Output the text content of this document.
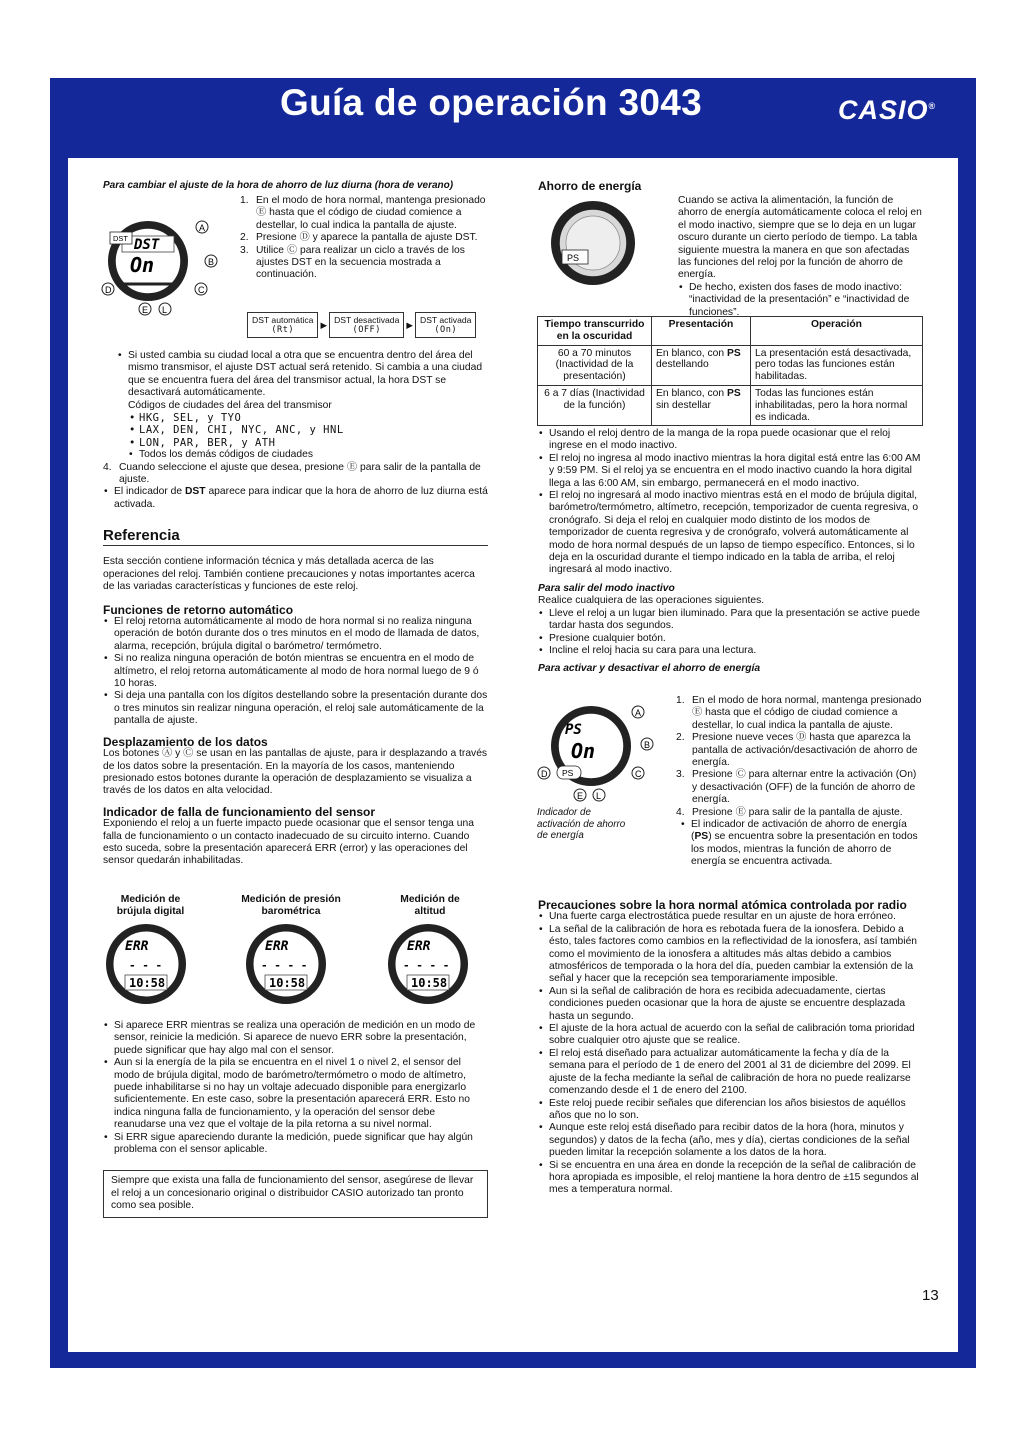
Guía de operación 3043	CASIO®

Para cambiar el ajuste de la hora de ahorro de luz diurna (hora de verano)

DST
On
DST
A
B
C
D
E L
1. En el modo de hora normal, mantenga presionado Ⓔ hasta que el código de ciudad comience a destellar, lo cual indica la pantalla de ajuste.
2. Presione Ⓓ y aparece la pantalla de ajuste DST.
3. Utilice Ⓒ para realizar un ciclo a través de los ajustes DST en la secuencia mostrada a continuación.
DST automática
(Rt)	▶ DST desactivada
(OFF)	▶ DST activada
(On)
• Si usted cambia su ciudad local a otra que se encuentra dentro del área del mismo transmisor, el ajuste DST actual será retenido. Si cambia a una ciudad que se encuentra fuera del área del transmisor actual, la hora DST se desactivará automáticamente.

Códigos de ciudades del área del transmisor

• HKG, SEL, y TYO
• LAX, DEN, CHI, NYC, ANC, y HNL
• LON, PAR, BER, y ATH
• Todos los demás códigos de ciudades
4. Cuando seleccione el ajuste que desea, presione Ⓔ para salir de la pantalla de ajuste.
• El indicador de DST aparece para indicar que la hora de ahorro de luz diurna está activada.

Referencia

Esta sección contiene información técnica y más detallada acerca de las operaciones del reloj. También contiene precauciones y notas importantes acerca de las variadas características y funciones de este reloj.

Funciones de retorno automático

• El reloj retorna automáticamente al modo de hora normal si no realiza ninguna operación de botón durante dos o tres minutos en el modo de llamada de datos, alarma, recepción, brújula digital o barómetro/ termómetro.
• Si no realiza ninguna operación de botón mientras se encuentra en el modo de altímetro, el reloj retorna automáticamente al modo de hora normal luego de 9 ó 10 horas.
• Si deja una pantalla con los dígitos destellando sobre la presentación durante dos o tres minutos sin realizar ninguna operación, el reloj sale automáticamente de la pantalla de ajuste.

Desplazamiento de los datos

Los botones Ⓐ y Ⓒ se usan en las pantallas de ajuste, para ir desplazando a través de los datos sobre la presentación. En la mayoría de los casos, manteniendo presionado estos botones durante la operación de desplazamiento se visualiza a través de los datos en alta velocidad.

Indicador de falla de funcionamiento del sensor

Exponiendo el reloj a un fuerte impacto puede ocasionar que el sensor tenga una falla de funcionamiento o un contacto inadecuado de su circuito interno. Cuando esto suceda, sobre la presentación aparecerá ERR (error) y las operaciones del sensor quedarán inhabilitadas.

Medición de brújula digital
Medición de presión barométrica
Medición de altitud
ERR
- - -
10:58
ERR
- - - -
10:58
ERR
- - - -
10:58
• Si aparece ERR mientras se realiza una operación de medición en un modo de sensor, reinicie la medición. Si aparece de nuevo ERR sobre la presentación, puede significar que hay algo mal con el sensor.
• Aun si la energía de la pila se encuentra en el nivel 1 o nivel 2, el sensor del modo de brújula digital, modo de barómetro/termómetro o modo de altímetro, puede inhabilitarse si no hay un voltaje adecuado disponible para energizarlo suficientemente. En este caso, sobre la presentación aparecerá ERR. Esto no indica ninguna falla de funcionamiento, y la operación del sensor debe reanudarse una vez que el voltaje de la pila retorna a su nivel normal.
• Si ERR sigue apareciendo durante la medición, puede significar que hay algún problema con el sensor aplicable.

Siempre que exista una falla de funcionamiento del sensor, asegúrese de llevar el reloj a un concesionario original o distribuidor CASIO autorizado tan pronto como sea posible.

Ahorro de energía

PS

Cuando se activa la alimentación, la función de ahorro de energía automáticamente coloca el reloj en el modo inactivo, siempre que se lo deja en un lugar oscuro durante un cierto período de tiempo. La tabla siguiente muestra la manera en que son afectadas las funciones del reloj por la función de ahorro de energía.

• De hecho, existen dos fases de modo inactivo: “inactividad de la presentación” e “inactividad de funciones”.
Tiempo transcurrido en la oscuridad	Presentación	Operación
60 a 70 minutos (Inactividad de la presentación)	En blanco, con PS destellando	La presentación está desactivada, pero todas las funciones están habilitadas.
6 a 7 días (Inactividad de la función)	En blanco, con PS sin destellar	Todas las funciones están inhabilitadas, pero la hora normal es indicada.
• Usando el reloj dentro de la manga de la ropa puede ocasionar que el reloj ingrese en el modo inactivo.
• El reloj no ingresa al modo inactivo mientras la hora digital está entre las 6:00 AM y 9:59 PM. Si el reloj ya se encuentra en el modo inactivo cuando la hora digital llega a las 6:00 AM, sin embargo, permanecerá en el modo inactivo.
• El reloj no ingresará al modo inactivo mientras está en el modo de brújula digital, barómetro/termómetro, altímetro, recepción, temporizador de cuenta regresiva, o cronógrafo. Si deja el reloj en cualquier modo distinto de los modos de temporizador de cuenta regresiva y de cronógrafo, volverá automáticamente al modo de hora normal después de un lapso de tiempo específico. Entonces, si lo deja en la oscuridad durante el tiempo indicado en la tabla de arriba, el reloj ingresará al modo inactivo.

Para salir del modo inactivo

Realice cualquiera de las operaciones siguientes.

• Lleve el reloj a un lugar bien iluminado. Para que la presentación se active puede tardar hasta dos segundos.
• Presione cualquier botón.
• Incline el reloj hacia su cara para una lectura.

Para activar y desactivar el ahorro de energía

PS
On
PS
A
B
C
D
E L
Indicador de activación de ahorro de energía
1. En el modo de hora normal, mantenga presionado Ⓔ hasta que el código de ciudad comience a destellar, lo cual indica la pantalla de ajuste.
2. Presione nueve veces Ⓓ hasta que aparezca la pantalla de activación/desactivación de ahorro de energía.
3. Presione Ⓒ para alternar entre la activación (On) y desactivación (OFF) de la función de ahorro de energía.
4. Presione Ⓔ para salir de la pantalla de ajuste.
• El indicador de activación de ahorro de energía (PS) se encuentra sobre la presentación en todos los modos, mientras la función de ahorro de energía se encuentra activada.

Precauciones sobre la hora normal atómica controlada por radio

• Una fuerte carga electrostática puede resultar en un ajuste de hora erróneo.
• La señal de la calibración de hora es rebotada fuera de la ionosfera. Debido a ésto, tales factores como cambios en la reflectividad de la ionosfera, así también como el movimiento de la ionosfera a altitudes más altas debido a cambios atmosféricos de temporada o la hora del día, pueden cambiar la extensión de la señal y hacer que la recepción sea temporariamente imposible.
• Aun si la señal de calibración de hora es recibida adecuadamente, ciertas condiciones pueden ocasionar que la hora de ajuste se encuentre desplazada hasta un segundo.
• El ajuste de la hora actual de acuerdo con la señal de calibración toma prioridad sobre cualquier otro ajuste que se realice.
• El reloj está diseñado para actualizar automáticamente la fecha y día de la semana para el período de 1 de enero del 2001 al 31 de diciembre del 2099. El ajuste de la fecha mediante la señal de calibración de hora no puede realizarse comenzando desde el 1 de enero del 2100.
• Este reloj puede recibir señales que diferencian los años bisiestos de aquéllos años que no lo son.
• Aunque este reloj está diseñado para recibir datos de la hora (hora, minutos y segundos) y datos de la fecha (año, mes y día), ciertas condiciones de la señal pueden limitar la recepción solamente a los datos de la hora.
• Si se encuentra en una área en donde la recepción de la señal de calibración de hora apropiada es imposible, el reloj mantiene la hora dentro de ±15 segundos al mes a temperatura normal.
13
